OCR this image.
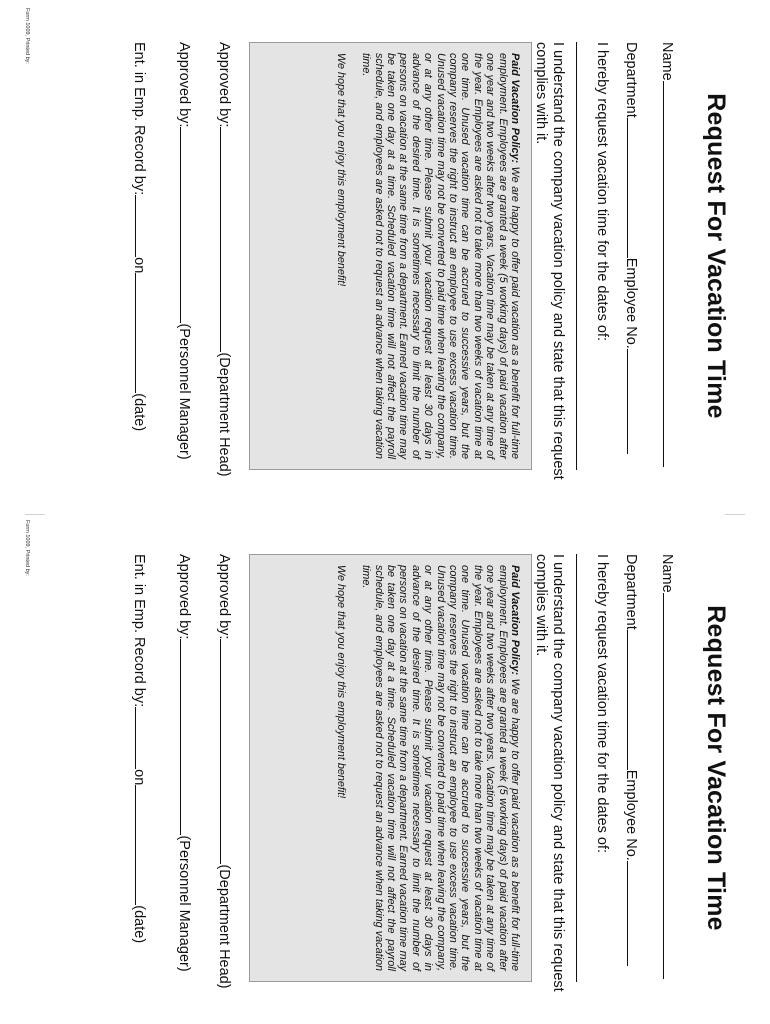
Request For Vacation Time
Name
DepartmentEmployee No.
I hereby request vacation time for the dates of:
I understand the company vacation policy and state that this request complies with it.
Paid Vacation Policy: We are happy to offer paid vacation as a benefit for full-time employment. Employees are granted a week (5 working days) of paid vacation after one year and two weeks after two years. Vacation time may be taken at any time of the year. Employees are asked not to take more than two weeks of vacation time at one time. Unused vacation time can be accrued to successive years, but the company reserves the right to instruct an employee to use excess vacation time. Unused vacation time may not be converted to paid time when leaving the company, or at any other time. Please submit your vacation request at least 30 days in advance of the desired time. It is sometimes necessary to limit the number of persons on vacation at the same time from a department. Earned vacation time may be taken one day at a time. Scheduled vacation time will not affect the payroll schedule, and employees are asked not to request an advance when taking vacation time.
We hope that you enjoy this employment benefit!
Approved by:(Department Head)
Approved by:(Personnel Manager)
Ent. in Emp. Record by:on(date)
Form 1009, Printed by:
Request For Vacation Time
Name
DepartmentEmployee No.
I hereby request vacation time for the dates of:
I understand the company vacation policy and state that this request complies with it.
Paid Vacation Policy: We are happy to offer paid vacation as a benefit for full-time employment. Employees are granted a week (5 working days) of paid vacation after one year and two weeks after two years. Vacation time may be taken at any time of the year. Employees are asked not to take more than two weeks of vacation time at one time. Unused vacation time can be accrued to successive years, but the company reserves the right to instruct an employee to use excess vacation time. Unused vacation time may not be converted to paid time when leaving the company, or at any other time. Please submit your vacation request at least 30 days in advance of the desired time. It is sometimes necessary to limit the number of persons on vacation at the same time from a department. Earned vacation time may be taken one day at a time. Scheduled vacation time will not affect the payroll schedule, and employees are asked not to request an advance when taking vacation time.
We hope that you enjoy this employment benefit!
Approved by:(Department Head)
Approved by:(Personnel Manager)
Ent. in Emp. Record by:on(date)
Form 1009, Printed by:
